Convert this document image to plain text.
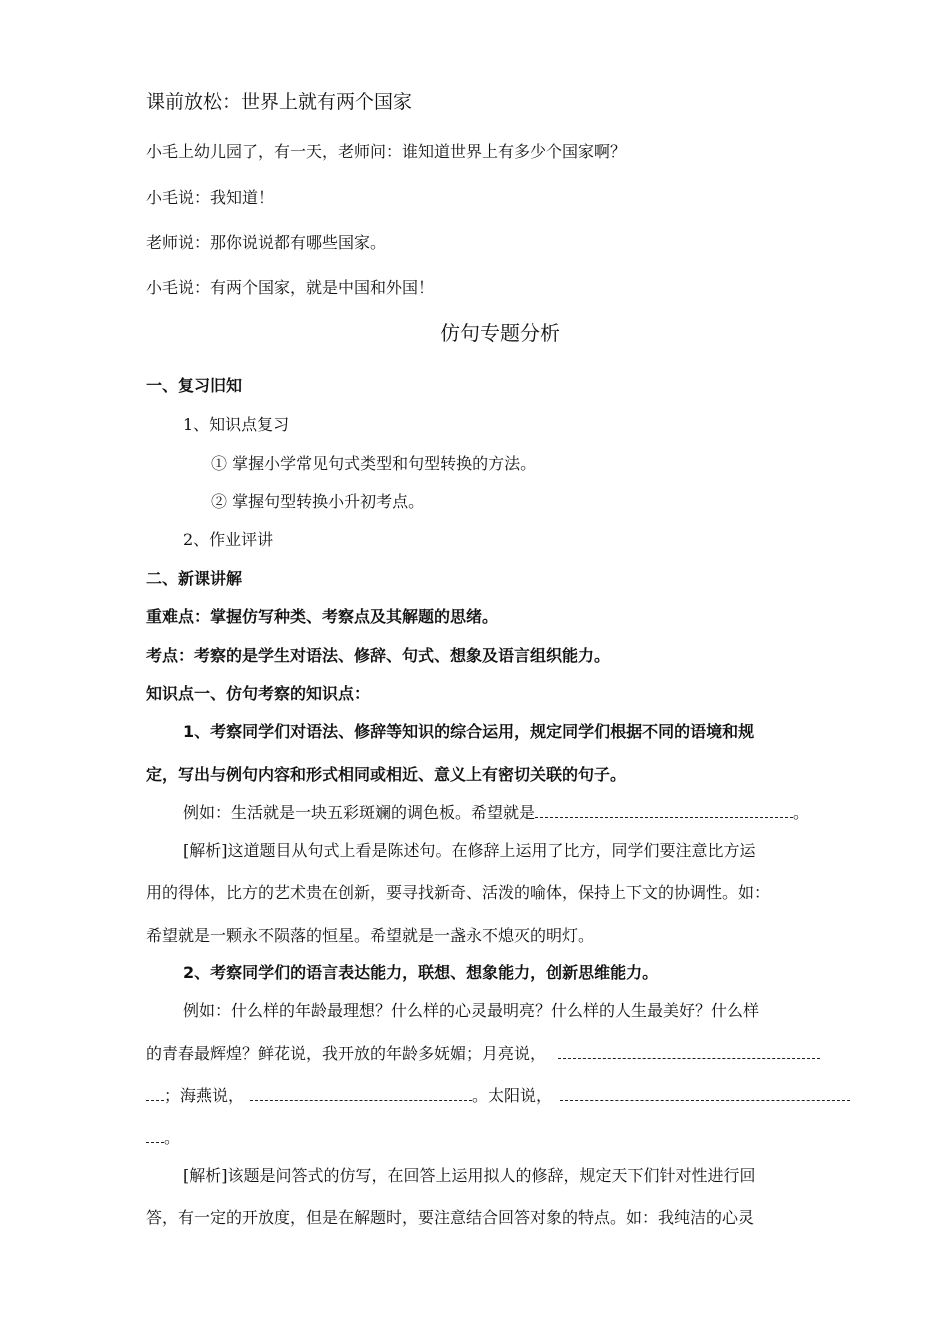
课前放松：世界上就有两个国家
小毛上幼儿园了，有一天，老师问：谁知道世界上有多少个国家啊？
小毛说：我知道！
老师说：那你说说都有哪些国家。
小毛说：有两个国家，就是中国和外国！
仿句专题分析
一、复习旧知
1、知识点复习
① 掌握小学常见句式类型和句型转换的方法。
② 掌握句型转换小升初考点。
2、作业评讲
二、新课讲解
重难点：掌握仿写种类、考察点及其解题的思绪。
考点：考察的是学生对语法、修辞、句式、想象及语言组织能力。
知识点一、仿句考察的知识点：
1、考察同学们对语法、修辞等知识的综合运用，规定同学们根据不同的语境和规
定，写出与例句内容和形式相同或相近、意义上有密切关联的句子。
例如：生活就是一块五彩斑斓的调色板。希望就是	。
[解析]这道题目从句式上看是陈述句。在修辞上运用了比方，同学们要注意比方运
用的得体，比方的艺术贵在创新，要寻找新奇、活泼的喻体，保持上下文的协调性。如：
希望就是一颗永不陨落的恒星。希望就是一盏永不熄灭的明灯。
2、考察同学们的语言表达能力，联想、想象能力，创新思维能力。
例如：什么样的年龄最理想？什么样的心灵最明亮？什么样的人生最美好？什么样
的青春最辉煌？鲜花说，我开放的年龄多妩媚；月亮说，
；海燕说，	。太阳说，
。
[解析]该题是问答式的仿写，在回答上运用拟人的修辞，规定天下们针对性进行回
答，有一定的开放度，但是在解题时，要注意结合回答对象的特点。如：我纯洁的心灵
